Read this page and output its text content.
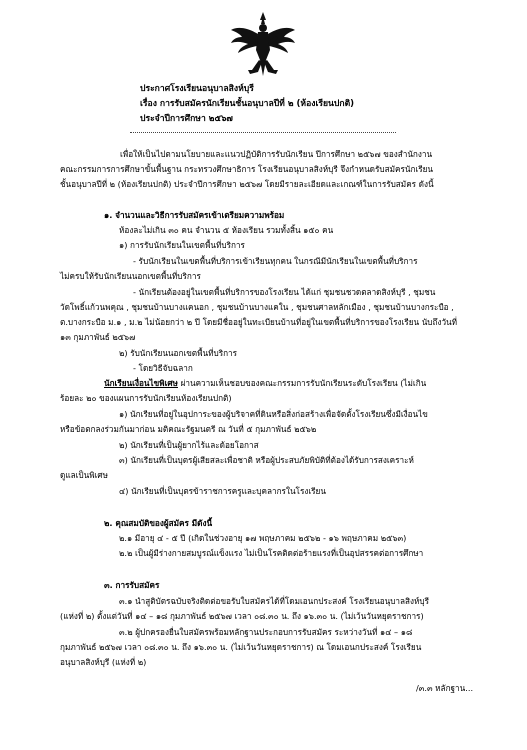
ประกาศโรงเรียนอนุบาลสิงห์บุรี
เรื่อง การรับสมัครนักเรียนชั้นอนุบาลปีที่ ๒ (ห้องเรียนปกติ)
ประจำปีการศึกษา ๒๕๖๗
เพื่อให้เป็นไปตามนโยบายและแนวปฏิบัติการรับนักเรียน ปีการศึกษา ๒๕๖๗ ของสำนักงาน
คณะกรรมการการศึกษาขั้นพื้นฐาน กระทรวงศึกษาธิการ โรงเรียนอนุบาลสิงห์บุรี จึงกำหนดรับสมัครนักเรียน
ชั้นอนุบาลปีที่ ๒ (ห้องเรียนปกติ) ประจำปีการศึกษา ๒๕๖๗ โดยมีรายละเอียดและเกณฑ์ในการรับสมัคร ดังนี้
๑. จำนวนและวิธีการรับสมัครเข้าเตรียมความพร้อม
ห้องละไม่เกิน ๓๐ คน จำนวน ๕ ห้องเรียน รวมทั้งสิ้น ๑๕๐ คน
๑) การรับนักเรียนในเขตพื้นที่บริการ
- รับนักเรียนในเขตพื้นที่บริการเข้าเรียนทุกคน ในกรณีมีนักเรียนในเขตพื้นที่บริการ
ไม่ครบให้รับนักเรียนนอกเขตพื้นที่บริการ
- นักเรียนต้องอยู่ในเขตพื้นที่บริการของโรงเรียน ได้แก่ ชุมชนชวดตลาดสิงห์บุรี , ชุมชน
วัดโพธิ์แก้วนพคุณ , ชุมชนบ้านบางแคนอก , ชุมชนบ้านบางแคใน , ชุมชนศาลหลักเมือง , ชุมชนบ้านบางกระบือ ,
ต.บางกระบือ ม.๑ , ม.๒ ไม่น้อยกว่า ๒ ปี โดยมีชื่ออยู่ในทะเบียนบ้านที่อยู่ในเขตพื้นที่บริการของโรงเรียน นับถึงวันที่
๑๓ กุมภาพันธ์ ๒๕๖๗
๒) รับนักเรียนนอกเขตพื้นที่บริการ
- โดยวิธีจับฉลาก
นักเรียนเงื่อนไขพิเศษ ผ่านความเห็นชอบของคณะกรรมการรับนักเรียนระดับโรงเรียน (ไม่เกิน
ร้อยละ ๒๐ ของแผนการรับนักเรียนห้องเรียนปกติ)
๑) นักเรียนที่อยู่ในอุปการะของผู้บริจาคที่ดินหรือสิ่งก่อสร้างเพื่อจัดตั้งโรงเรียนซึ่งมีเงื่อนไข
หรือข้อตกลงร่วมกันมาก่อน มติคณะรัฐมนตรี ณ วันที่ ๕ กุมภาพันธ์ ๒๕๖๒
๒) นักเรียนที่เป็นผู้ยากไร้และด้อยโอกาส
๓) นักเรียนที่เป็นบุตรผู้เสียสละเพื่อชาติ หรือผู้ประสบภัยพิบัติที่ต้องได้รับการสงเคราะห์
ดูแลเป็นพิเศษ
๔) นักเรียนที่เป็นบุตรข้าราชการครูและบุคลากรในโรงเรียน
๒. คุณสมบัติของผู้สมัคร มีดังนี้
๒.๑ มีอายุ ๔ - ๕ ปี (เกิดในช่วงอายุ ๑๗ พฤษภาคม ๒๕๖๒ - ๑๖ พฤษภาคม ๒๕๖๓)
๒.๒ เป็นผู้มีร่างกายสมบูรณ์แข็งแรง ไม่เป็นโรคติดต่อร้ายแรงที่เป็นอุปสรรคต่อการศึกษา
๓. การรับสมัคร
๓.๑ นำสูติบัตรฉบับจริงติดต่อขอรับใบสมัครได้ที่โดมเอนกประสงค์ โรงเรียนอนุบาลสิงห์บุรี
(แห่งที่ ๒) ตั้งแต่วันที่ ๑๔ – ๑๘ กุมภาพันธ์ ๒๕๖๗ เวลา ๐๘.๓๐ น. ถึง ๑๖.๓๐ น. (ไม่เว้นวันหยุดราชการ)
๓.๒ ผู้ปกครองยื่นใบสมัครพร้อมหลักฐานประกอบการรับสมัคร ระหว่างวันที่ ๑๔ – ๑๘
กุมภาพันธ์ ๒๕๖๗ เวลา ๐๘.๓๐ น. ถึง ๑๖.๓๐ น. (ไม่เว้นวันหยุดราชการ) ณ โดมเอนกประสงค์ โรงเรียน
อนุบาลสิงห์บุรี (แห่งที่ ๒)
/๓.๓ หลักฐาน...
